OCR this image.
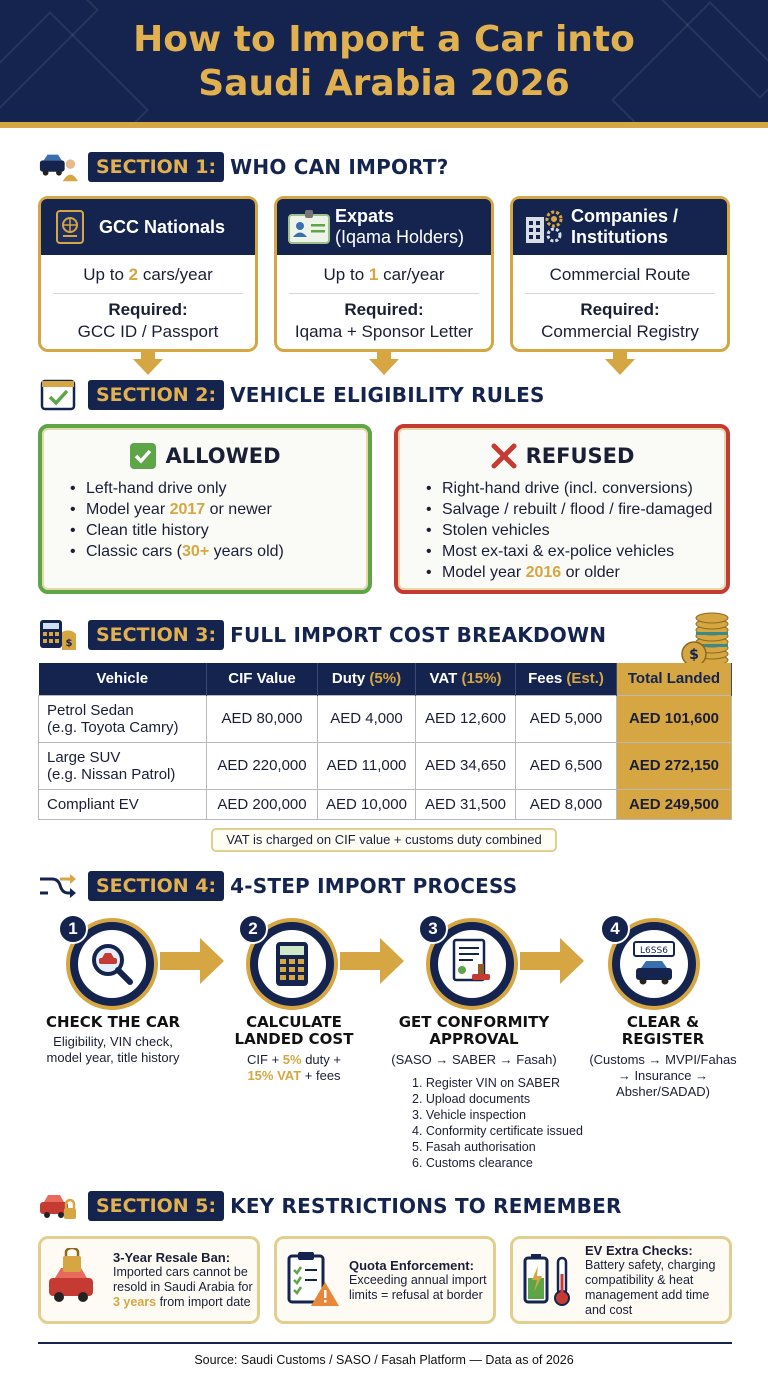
How to Import a Car into
Saudi Arabia 2026
SECTION 1: WHO CAN IMPORT?
GCC Nationals
Up to 2 cars/year
Required:
GCC ID / Passport
Expats
(Iqama Holders)
Up to 1 car/year
Required:
Iqama + Sponsor Letter
Companies /
Institutions
Commercial Route
Required:
Commercial Registry
SECTION 2: VEHICLE ELIGIBILITY RULES
ALLOWED
• Left-hand drive only
• Model year 2017 or newer
• Clean title history
• Classic cars (30+ years old)
REFUSED
• Right-hand drive (incl. conversions)
• Salvage / rebuilt / flood / fire-damaged
• Stolen vehicles
• Most ex-taxi & ex-police vehicles
• Model year 2016 or older
$	SECTION 3: FULL IMPORT COST BREAKDOWN
$
Vehicle	CIF Value	Duty (5%)	VAT (15%)	Fees (Est.)	Total Landed

Petrol Sedan
(e.g. Toyota Camry)	AED 80,000	AED 4,000	AED 12,600	AED 5,000	AED 101,600

Large SUV
(e.g. Nissan Patrol)	AED 220,000	AED 11,000	AED 34,650	AED 6,500	AED 272,150
Compliant EV	AED 200,000	AED 10,000	AED 31,500	AED 8,000	AED 249,500
VAT is charged on CIF value + customs duty combined
SECTION 4: 4-STEP IMPORT PROCESS
1	2	3
L6SS6
4
CHECK THE CAR
Eligibility, VIN check,
model year, title history
CALCULATE
LANDED COST
CIF + 5% duty +
15% VAT + fees
GET CONFORMITY
APPROVAL
(SASO → SABER → Fasah)
1. Register VIN on SABER
2. Upload documents
3. Vehicle inspection
4. Conformity certificate issued
5. Fasah authorisation
6. Customs clearance
CLEAR &
REGISTER
(Customs → MVPI/Fahas
→ Insurance →
Absher/SADAD)
SECTION 5: KEY RESTRICTIONS TO REMEMBER
3-Year Resale Ban:
Imported cars cannot be
resold in Saudi Arabia for
3 years from import date
Quota Enforcement:
Exceeding annual import
limits = refusal at border
EV Extra Checks:
Battery safety, charging
compatibility & heat
management add time
and cost
Source: Saudi Customs / SASO / Fasah Platform — Data as of 2026
